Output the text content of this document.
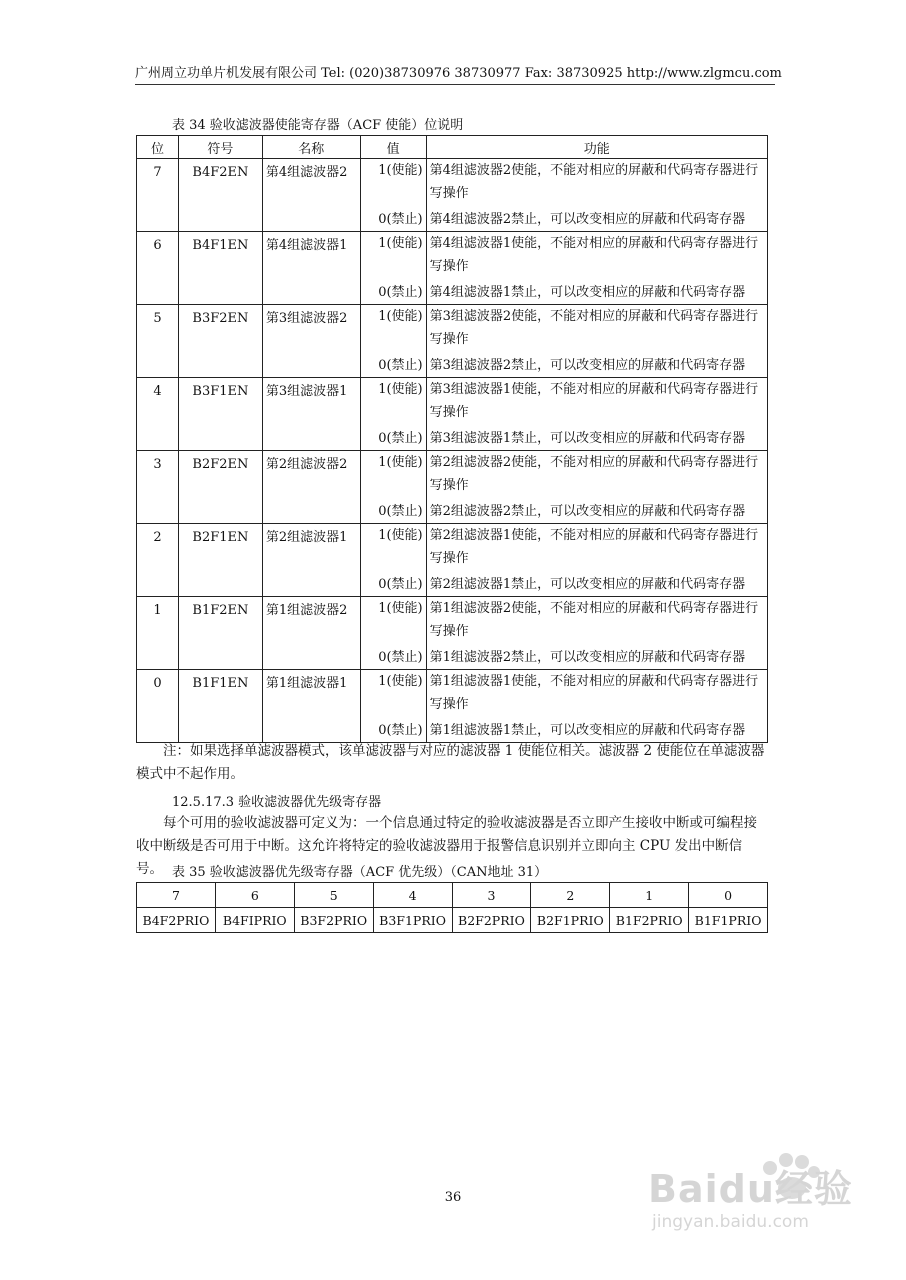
广州周立功单片机发展有限公司 Tel: (020)38730976 38730977 Fax: 38730925 http://www.zlgmcu.com
表 34 验收滤波器使能寄存器（ACF 使能）位说明
位	符号	名称	值	功能
7	B4F2EN	第4组滤波器2	1(使能)	第4组滤波器2使能，不能对相应的屏蔽和代码寄存器进行
写操作

			0(禁止)	第4组滤波器2禁止，可以改变相应的屏蔽和代码寄存器
6	B4F1EN	第4组滤波器1	1(使能)	第4组滤波器1使能，不能对相应的屏蔽和代码寄存器进行
写操作

			0(禁止)	第4组滤波器1禁止，可以改变相应的屏蔽和代码寄存器
5	B3F2EN	第3组滤波器2	1(使能)	第3组滤波器2使能，不能对相应的屏蔽和代码寄存器进行
写操作

			0(禁止)	第3组滤波器2禁止，可以改变相应的屏蔽和代码寄存器
4	B3F1EN	第3组滤波器1	1(使能)	第3组滤波器1使能，不能对相应的屏蔽和代码寄存器进行
写操作

			0(禁止)	第3组滤波器1禁止，可以改变相应的屏蔽和代码寄存器
3	B2F2EN	第2组滤波器2	1(使能)	第2组滤波器2使能，不能对相应的屏蔽和代码寄存器进行
写操作

			0(禁止)	第2组滤波器2禁止，可以改变相应的屏蔽和代码寄存器
2	B2F1EN	第2组滤波器1	1(使能)	第2组滤波器1使能，不能对相应的屏蔽和代码寄存器进行
写操作

			0(禁止)	第2组滤波器1禁止，可以改变相应的屏蔽和代码寄存器
1	B1F2EN	第1组滤波器2	1(使能)	第1组滤波器2使能，不能对相应的屏蔽和代码寄存器进行
写操作

			0(禁止)	第1组滤波器2禁止，可以改变相应的屏蔽和代码寄存器
0	B1F1EN	第1组滤波器1	1(使能)	第1组滤波器1使能，不能对相应的屏蔽和代码寄存器进行
写操作

			0(禁止)	第1组滤波器1禁止，可以改变相应的屏蔽和代码寄存器
注：如果选择单滤波器模式，该单滤波器与对应的滤波器 1 使能位相关。滤波器 2 使能位在单滤波器
模式中不起作用。
12.5.17.3 验收滤波器优先级寄存器
每个可用的验收滤波器可定义为：一个信息通过特定的验收滤波器是否立即产生接收中断或可编程接
收中断级是否可用于中断。这允许将特定的验收滤波器用于报警信息识别并立即向主 CPU 发出中断信号。 表 35 验收滤波器优先级寄存器（ACF 优先级）（CAN地址 31）
7	6	5	4	3	2	1	0
B4F2PRIO	B4FIPRIO	B3F2PRIO	B3F1PRIO	B2F2PRIO	B2F1PRIO	B1F2PRIO	B1F1PRIO
36	Baidu经验
jingyan.baidu.com
